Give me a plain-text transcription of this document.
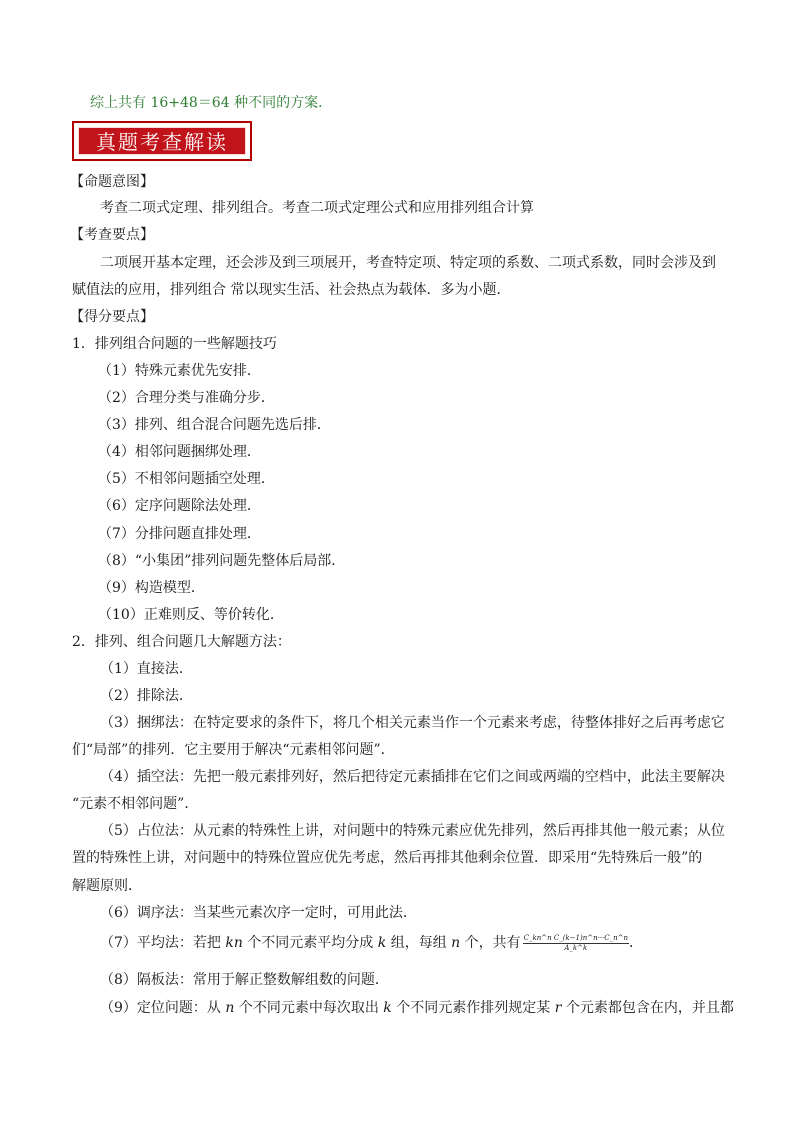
综上共有 16+48＝64 种不同的方案．
真题考查解读
【命题意图】
考查二项式定理、排列组合。考查二项式定理公式和应用排列组合计算
【考查要点】
二项展开基本定理，还会涉及到三项展开，考查特定项、特定项的系数、二项式系数，同时会涉及到
赋值法的应用，排列组合 常以现实生活、社会热点为载体．多为小题．
【得分要点】
1．排列组合问题的一些解题技巧
（1）特殊元素优先安排．
（2）合理分类与准确分步．
（3）排列、组合混合问题先选后排．
（4）相邻问题捆绑处理．
（5）不相邻问题插空处理．
（6）定序问题除法处理．
（7）分排问题直排处理．
（8）“小集团”排列问题先整体后局部．
（9）构造模型．
（10）正难则反、等价转化．
2．排列、组合问题几大解题方法：
（1）直接法．
（2）排除法．
（3）捆绑法：在特定要求的条件下，将几个相关元素当作一个元素来考虑，待整体排好之后再考虑它
们“局部”的排列．它主要用于解决“元素相邻问题”．
（4）插空法：先把一般元素排列好，然后把待定元素插排在它们之间或两端的空档中，此法主要解决
“元素不相邻问题”．
（5）占位法：从元素的特殊性上讲，对问题中的特殊元素应优先排列，然后再排其他一般元素；从位
置的特殊性上讲，对问题中的特殊位置应优先考虑，然后再排其他剩余位置．即采用“先特殊后一般”的
解题原则．
（6）调序法：当某些元素次序一定时，可用此法．
（7）平均法：若把 kn 个不同元素平均分成 k 组，每组 n 个，共有 $\frac{\text{C\_kn\textasciicircum{}n C\_(k−1)n\textasciicircum{}n···C\_n\textasciicircum{}n}}{A\_k\^{}k}$ ．
（8）隔板法：常用于解正整数解组数的问题．
（9）定位问题：从 n 个不同元素中每次取出 k 个不同元素作排列规定某 r 个元素都包含在内，并且都
